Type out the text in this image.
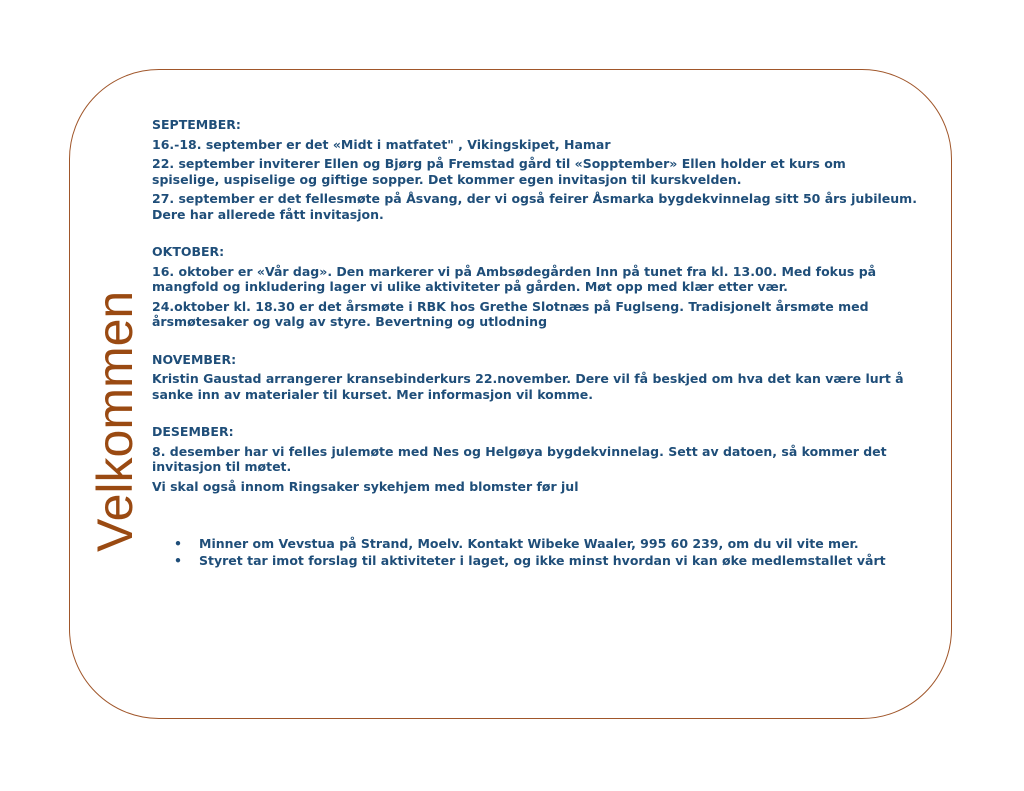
Velkommen
SEPTEMBER:
16.-18. september er det «Midt i matfatet" , Vikingskipet, Hamar
22. september inviterer Ellen og Bjørg på Fremstad gård til «Sopptember» Ellen holder et kurs om spiselige, uspiselige og giftige sopper. Det kommer egen invitasjon til kurskvelden.
27. september er det fellesmøte på Åsvang, der vi også feirer Åsmarka bygdekvinnelag sitt 50 års jubileum. Dere har allerede fått invitasjon.
OKTOBER:
16. oktober er «Vår dag». Den markerer vi på Ambsødegården Inn på tunet fra kl. 13.00. Med fokus på mangfold og inkludering lager vi ulike aktiviteter på gården. Møt opp med klær etter vær.
24.oktober kl. 18.30 er det årsmøte i RBK hos Grethe Slotnæs på Fuglseng. Tradisjonelt årsmøte med årsmøtesaker og valg av styre. Bevertning og utlodning
NOVEMBER:
Kristin Gaustad arrangerer kransebinderkurs 22.november. Dere vil få beskjed om hva det kan være lurt å sanke inn av materialer til kurset. Mer informasjon vil komme.
DESEMBER:
8. desember har vi felles julemøte med Nes og Helgøya bygdekvinnelag. Sett av datoen, så kommer det invitasjon til møtet.
Vi skal også innom Ringsaker sykehjem med blomster før jul
• Minner om Vevstua på Strand, Moelv. Kontakt Wibeke Waaler, 995 60 239, om du vil vite mer.
• Styret tar imot forslag til aktiviteter i laget, og ikke minst hvordan vi kan øke medlemstallet vårt
